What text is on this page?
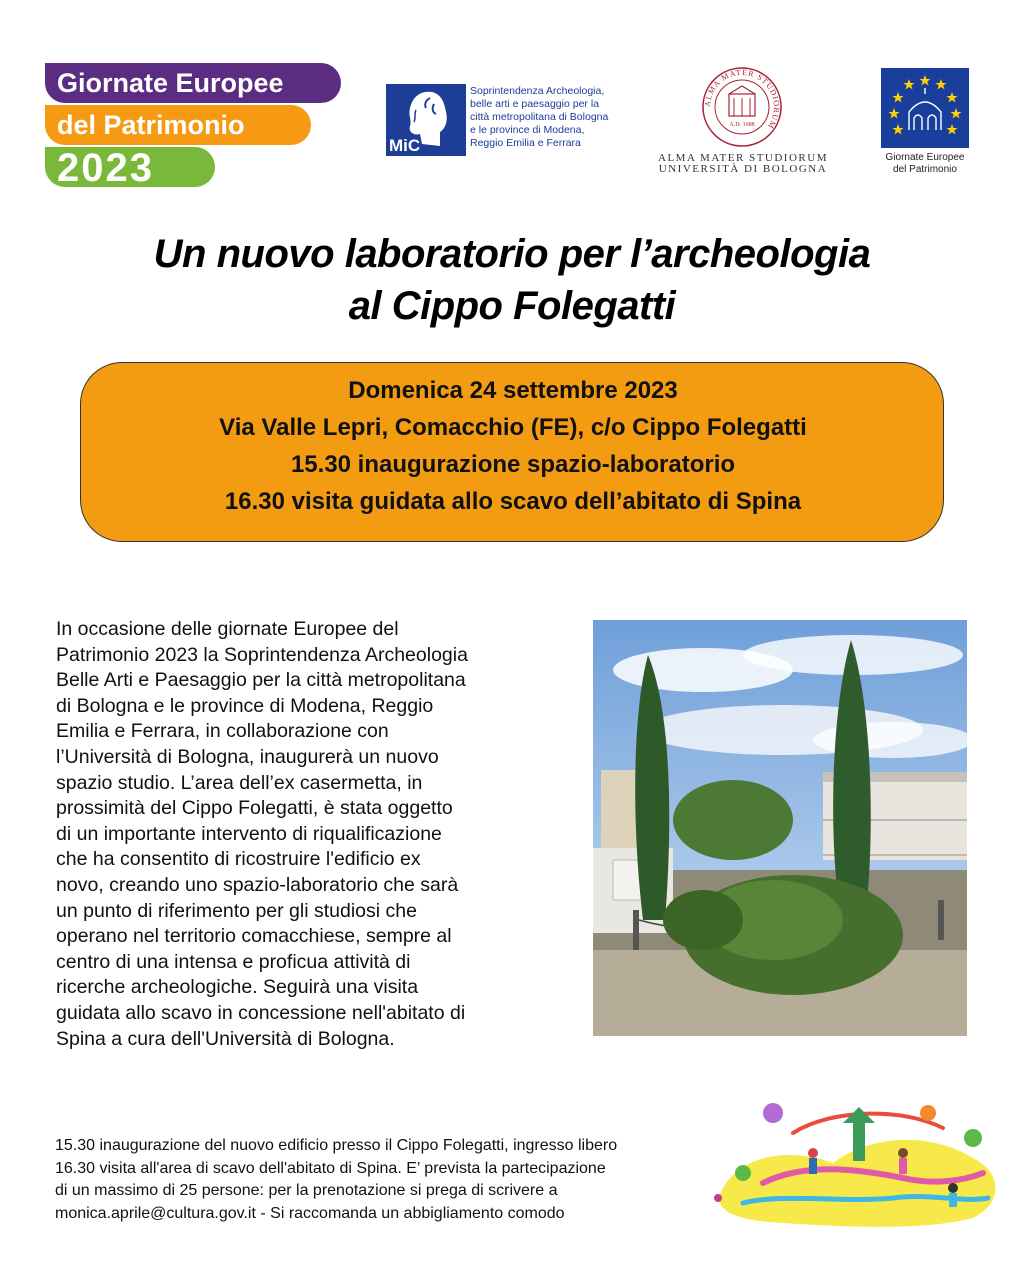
Giornate Europee
del Patrimonio
2023
MiC
Soprintendenza Archeologia,
belle arti e paesaggio per la
città metropolitana di Bologna
e le province di Modena,
Reggio Emilia e Ferrara
ALMA MATER STUDIORUM
A.D. 1088
ALMA MATER STUDIORUM
UNIVERSITÀ DI BOLOGNA
Giornate Europee
del Patrimonio
Un nuovo laboratorio per l’archeologia
al Cippo Folegatti
Domenica 24 settembre 2023
Via Valle Lepri, Comacchio (FE), c/o Cippo Folegatti
15.30 inaugurazione spazio-laboratorio
16.30 visita guidata allo scavo dell’abitato di Spina
In occasione delle giornate Europee del
Patrimonio 2023 la Soprintendenza Archeologia
Belle Arti e Paesaggio per la città metropolitana
di Bologna e le province di Modena, Reggio
Emilia e Ferrara, in collaborazione con
l’Università di Bologna, inaugurerà un nuovo
spazio studio. L’area dell’ex casermetta, in
prossimità del Cippo Folegatti, è stata oggetto
di un importante intervento di riqualificazione
che ha consentito di ricostruire l'edificio ex
novo, creando uno spazio-laboratorio che sarà
un punto di riferimento per gli studiosi che
operano nel territorio comacchiese, sempre al
centro di una intensa e proficua attività di
ricerche archeologiche. Seguirà una visita
guidata allo scavo in concessione nell'abitato di
Spina a cura dell'Università di Bologna.
15.30 inaugurazione del nuovo edificio presso il Cippo Folegatti, ingresso libero
16.30 visita all'area di scavo dell'abitato di Spina. E’ prevista la partecipazione
di un massimo di 25 persone: per la prenotazione si prega di scrivere a
monica.aprile@cultura.gov.it - Si raccomanda un abbigliamento comodo
